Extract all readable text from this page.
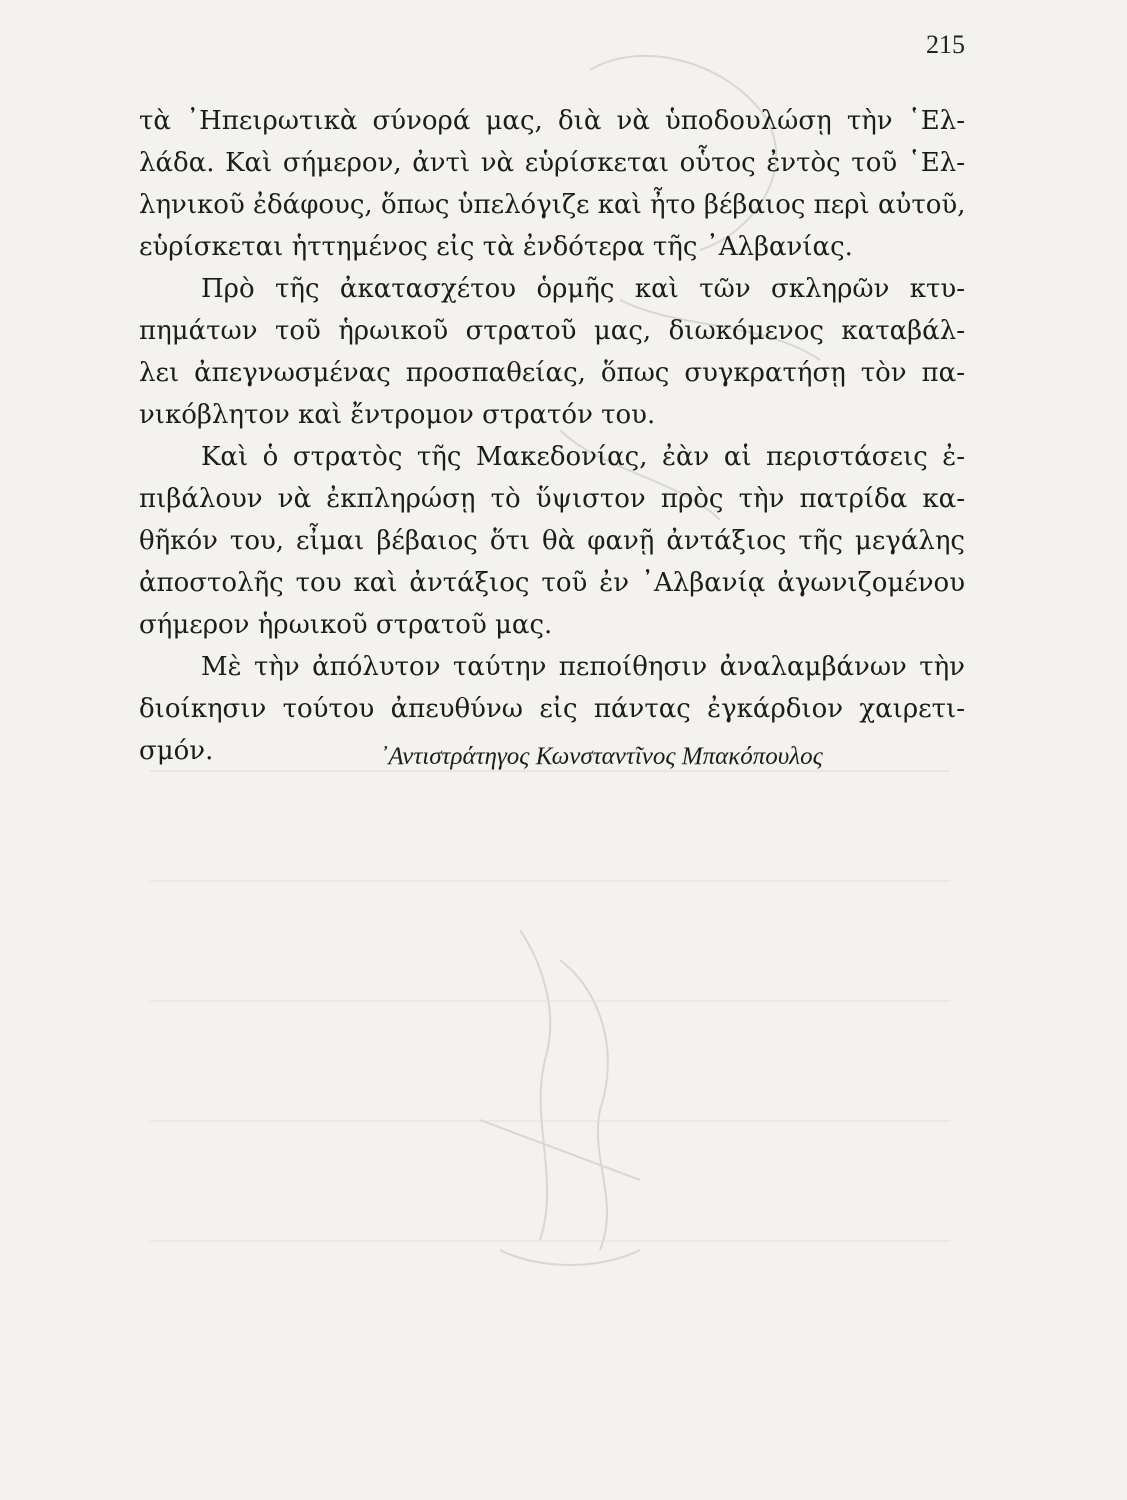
215
τὰ ᾿Ηπειρωτικὰ σύνορά μας, διὰ νὰ ὑποδουλώσῃ τὴν ῾Ελ-
λάδα. Καὶ σήμερον, ἀντὶ νὰ εὑρίσκεται οὗτος ἐντὸς τοῦ ῾Ελ-
ληνικοῦ ἐδάφους, ὅπως ὑπελόγιζε καὶ ἦτο βέβαιος περὶ αὐτοῦ,
εὑρίσκεται ἡττημένος εἰς τὰ ἐνδότερα τῆς ᾿Αλβανίας.
Πρὸ τῆς ἀκατασχέτου ὁρμῆς καὶ τῶν σκληρῶν κτυ-
πημάτων τοῦ ἡρωικοῦ στρατοῦ μας, διωκόμενος καταβάλ-
λει ἀπεγνωσμένας προσπαθείας, ὅπως συγκρατήσῃ τὸν πα-
νικόβλητον καὶ ἔντρομον στρατόν του.
Καὶ ὁ στρατὸς τῆς Μακεδονίας, ἐὰν αἱ περιστάσεις ἐ-
πιβάλουν νὰ ἐκπληρώσῃ τὸ ὕψιστον πρὸς τὴν πατρίδα κα-
θῆκόν του, εἶμαι βέβαιος ὅτι θὰ φανῇ ἀντάξιος τῆς μεγάλης
ἀποστολῆς του καὶ ἀντάξιος τοῦ ἐν ᾿Αλβανίᾳ ἀγωνιζομένου
σήμερον ἡρωικοῦ στρατοῦ μας.
Μὲ τὴν ἀπόλυτον ταύτην πεποίθησιν ἀναλαμβάνων τὴν
διοίκησιν τούτου ἀπευθύνω εἰς πάντας ἐγκάρδιον χαιρετι-
σμόν.	᾿Αντιστράτηγος Κωνσταντῖνος Μπακόπουλος
